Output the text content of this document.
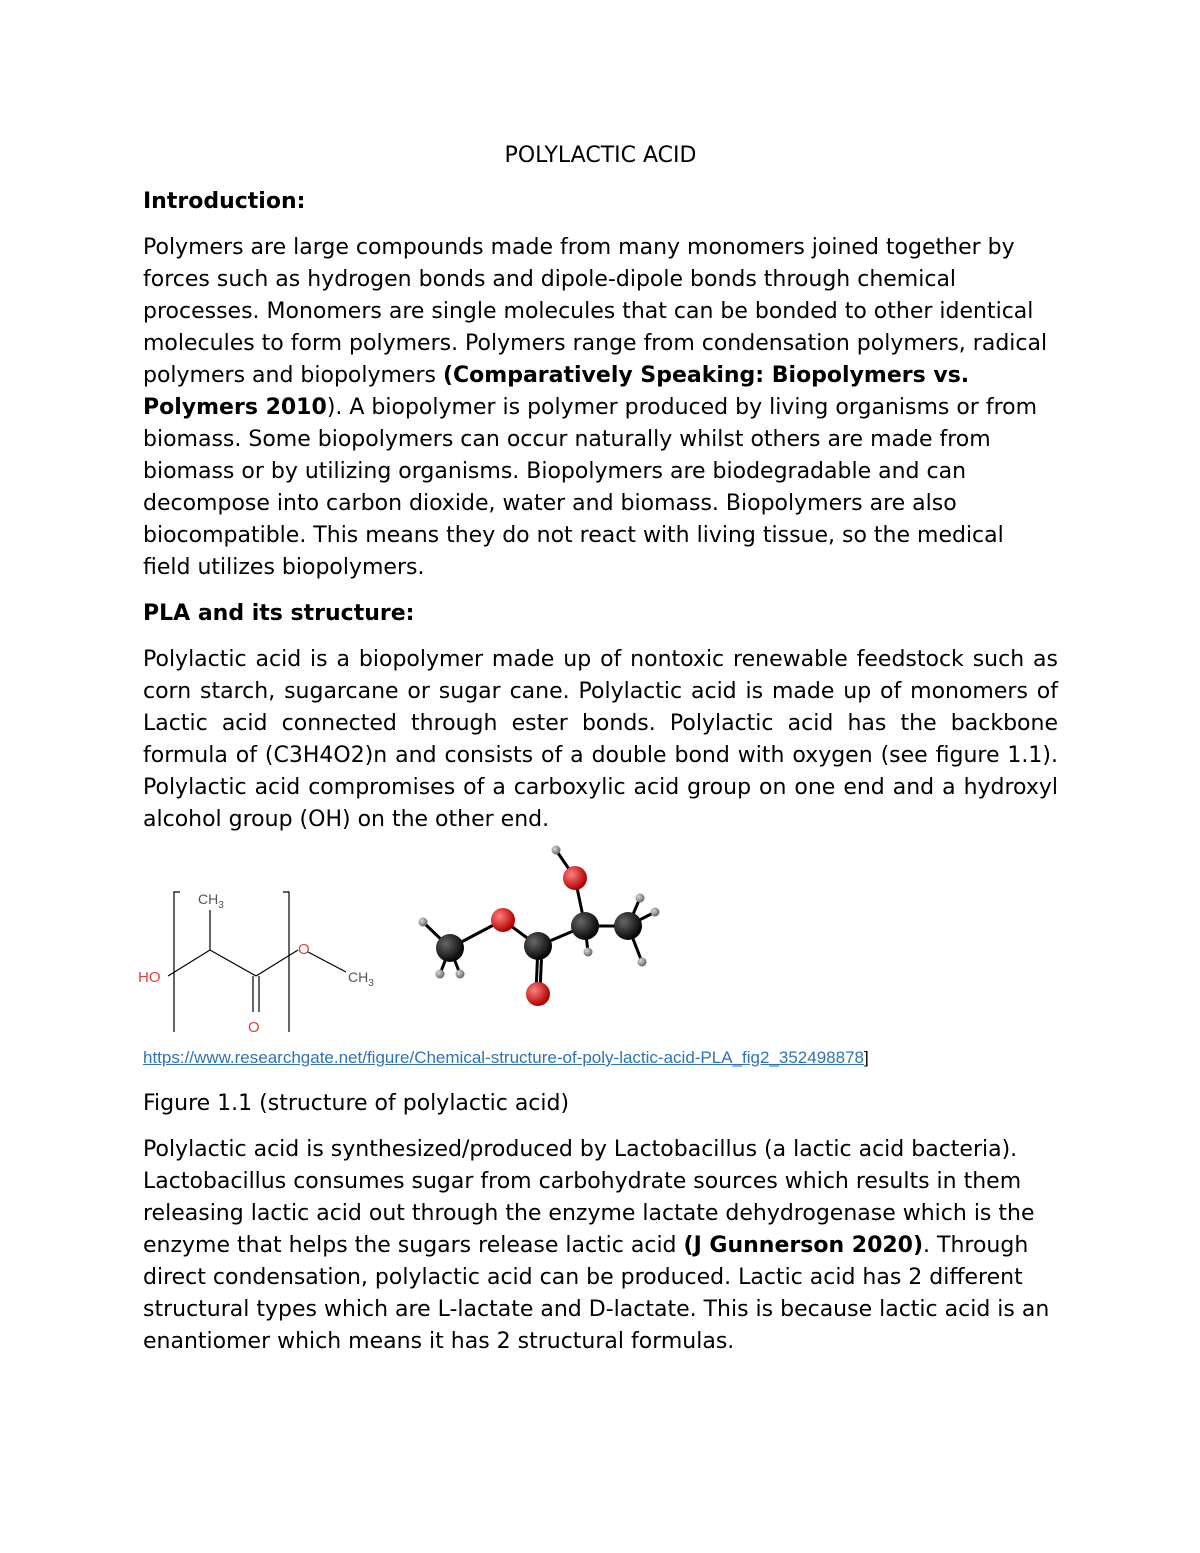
POLYLACTIC ACID
Introduction:

Polymers are large compounds made from many monomers joined together by forces such as hydrogen bonds and dipole-dipole bonds through chemical processes. Monomers are single molecules that can be bonded to other identical molecules to form polymers. Polymers range from condensation polymers, radical polymers and biopolymers (Comparatively Speaking: Biopolymers vs. Polymers 2010). A biopolymer is polymer produced by living organisms or from biomass. Some biopolymers can occur naturally whilst others are made from biomass or by utilizing organisms. Biopolymers are biodegradable and can decompose into carbon dioxide, water and biomass. Biopolymers are also biocompatible. This means they do not react with living tissue, so the medical field utilizes biopolymers.

PLA and its structure:

Polylactic acid is a biopolymer made up of nontoxic renewable feedstock such as corn starch, sugarcane or sugar cane. Polylactic acid is made up of monomers of Lactic acid connected through ester bonds. Polylactic acid has the backbone formula of (C3H4O2)n and consists of a double bond with oxygen (see figure 1.1). Polylactic acid compromises of a carboxylic acid group on one end and a hydroxyl alcohol group (OH) on the other end.

$CH_3$
HO
O
O
$CH_3$
https://www.researchgate.net/figure/Chemical-structure-of-poly-lactic-acid-PLA_fig2_352498878]
Figure 1.1 (structure of polylactic acid)

Polylactic acid is synthesized/produced by Lactobacillus (a lactic acid bacteria). Lactobacillus consumes sugar from carbohydrate sources which results in them releasing lactic acid out through the enzyme lactate dehydrogenase which is the enzyme that helps the sugars release lactic acid (J Gunnerson 2020). Through direct condensation, polylactic acid can be produced. Lactic acid has 2 different structural types which are L-lactate and D-lactate. This is because lactic acid is an enantiomer which means it has 2 structural formulas.
